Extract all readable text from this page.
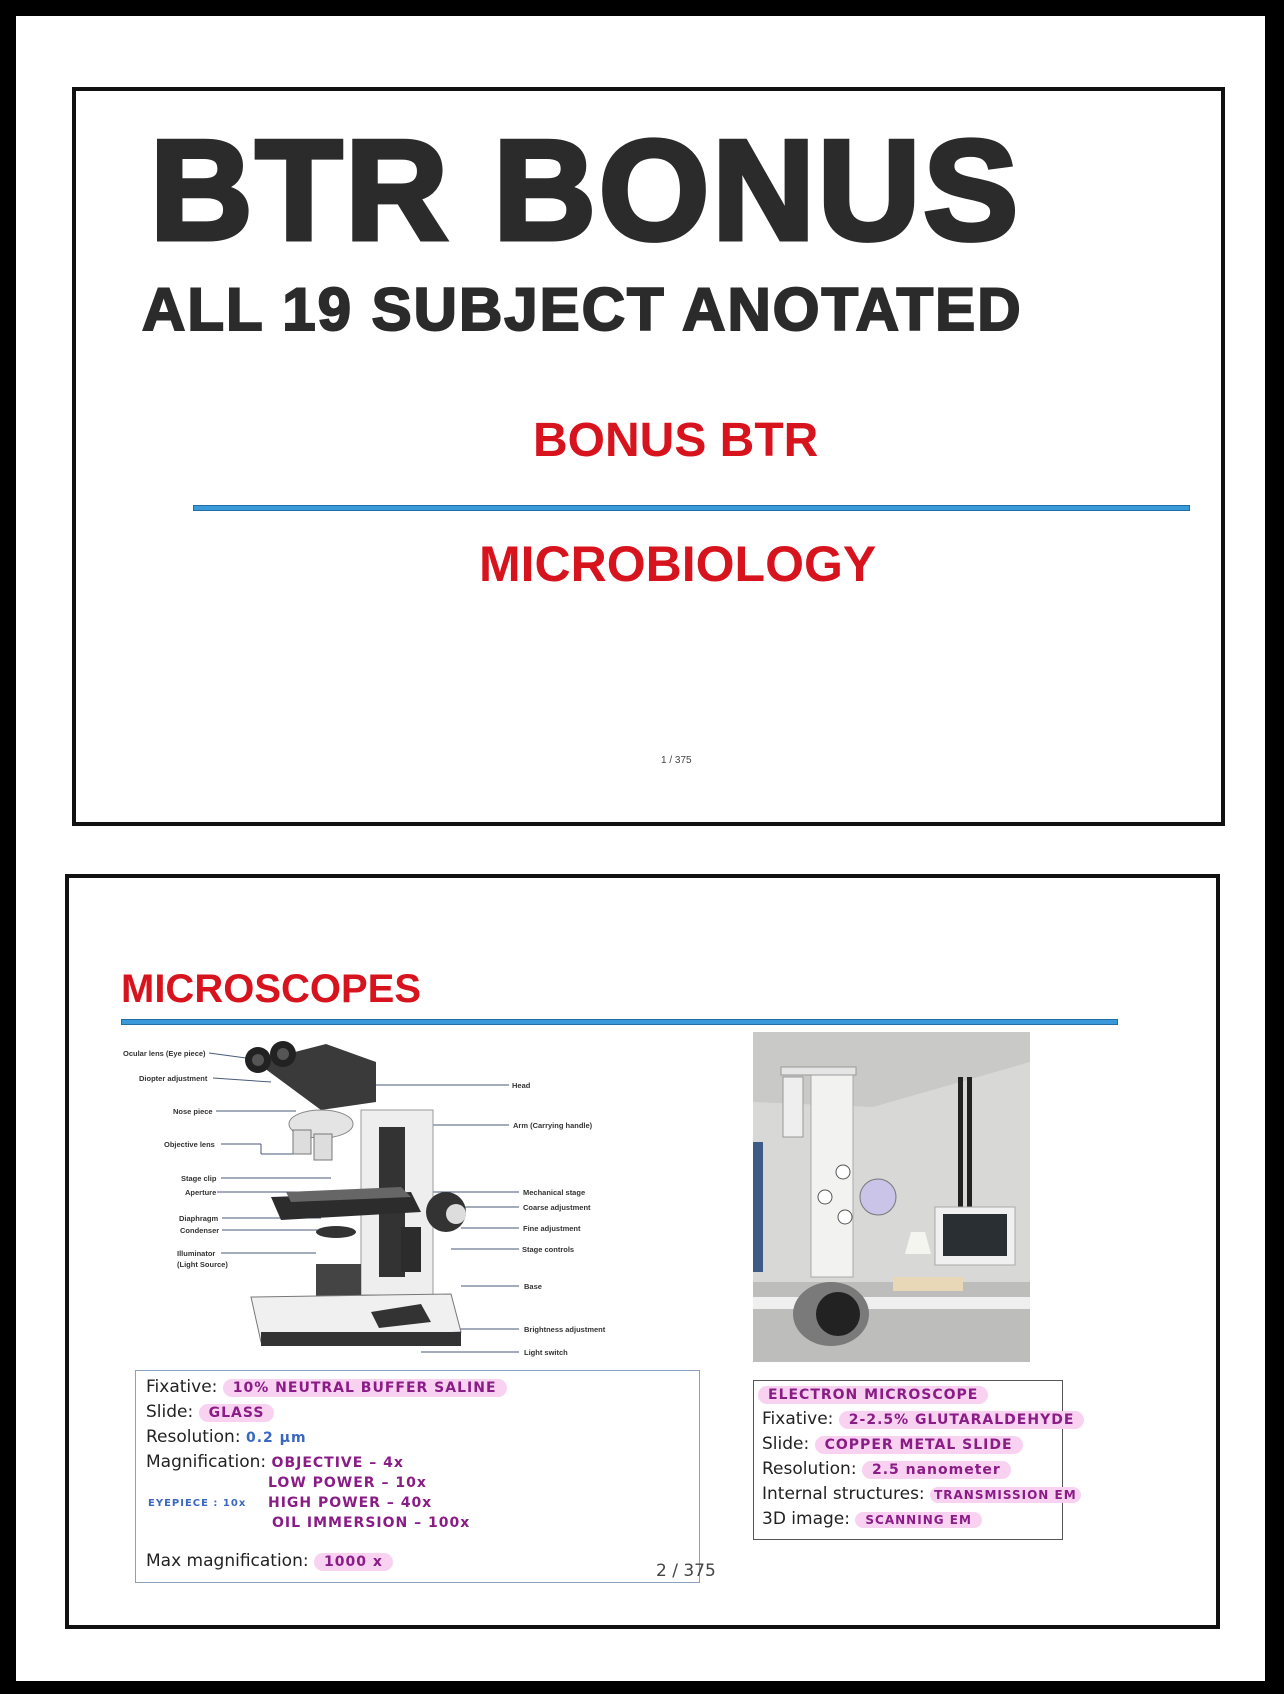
BTR BONUS
ALL 19 SUBJECT ANOTATED
BONUS BTR
MICROBIOLOGY
1 / 375
MICROSCOPES
Ocular lens (Eye piece)
Diopter adjustment
Nose piece
Objective lens
Stage clip
Aperture
Diaphragm
Condenser
Illuminator
(Light Source)
Head
Arm (Carrying handle)
Mechanical stage
Coarse adjustment
Fine adjustment
Stage controls
Base
Brightness adjustment
Light switch
Fixative: 10% NEUTRAL BUFFER SALINE
Slide: GLASS
Resolution: 0.2 µm
Magnification: OBJECTIVE – 4x
LOW POWER – 10x
HIGH POWER – 40x
OIL IMMERSION – 100x
EYEPIECE : 10x
Max magnification: 1000 x	2 / 375
ELECTRON MICROSCOPE
Fixative: 2-2.5% GLUTARALDEHYDE
Slide: COPPER METAL SLIDE
Resolution: 2.5 nanometer
Internal structures: TRANSMISSION EM
3D image: SCANNING EM
